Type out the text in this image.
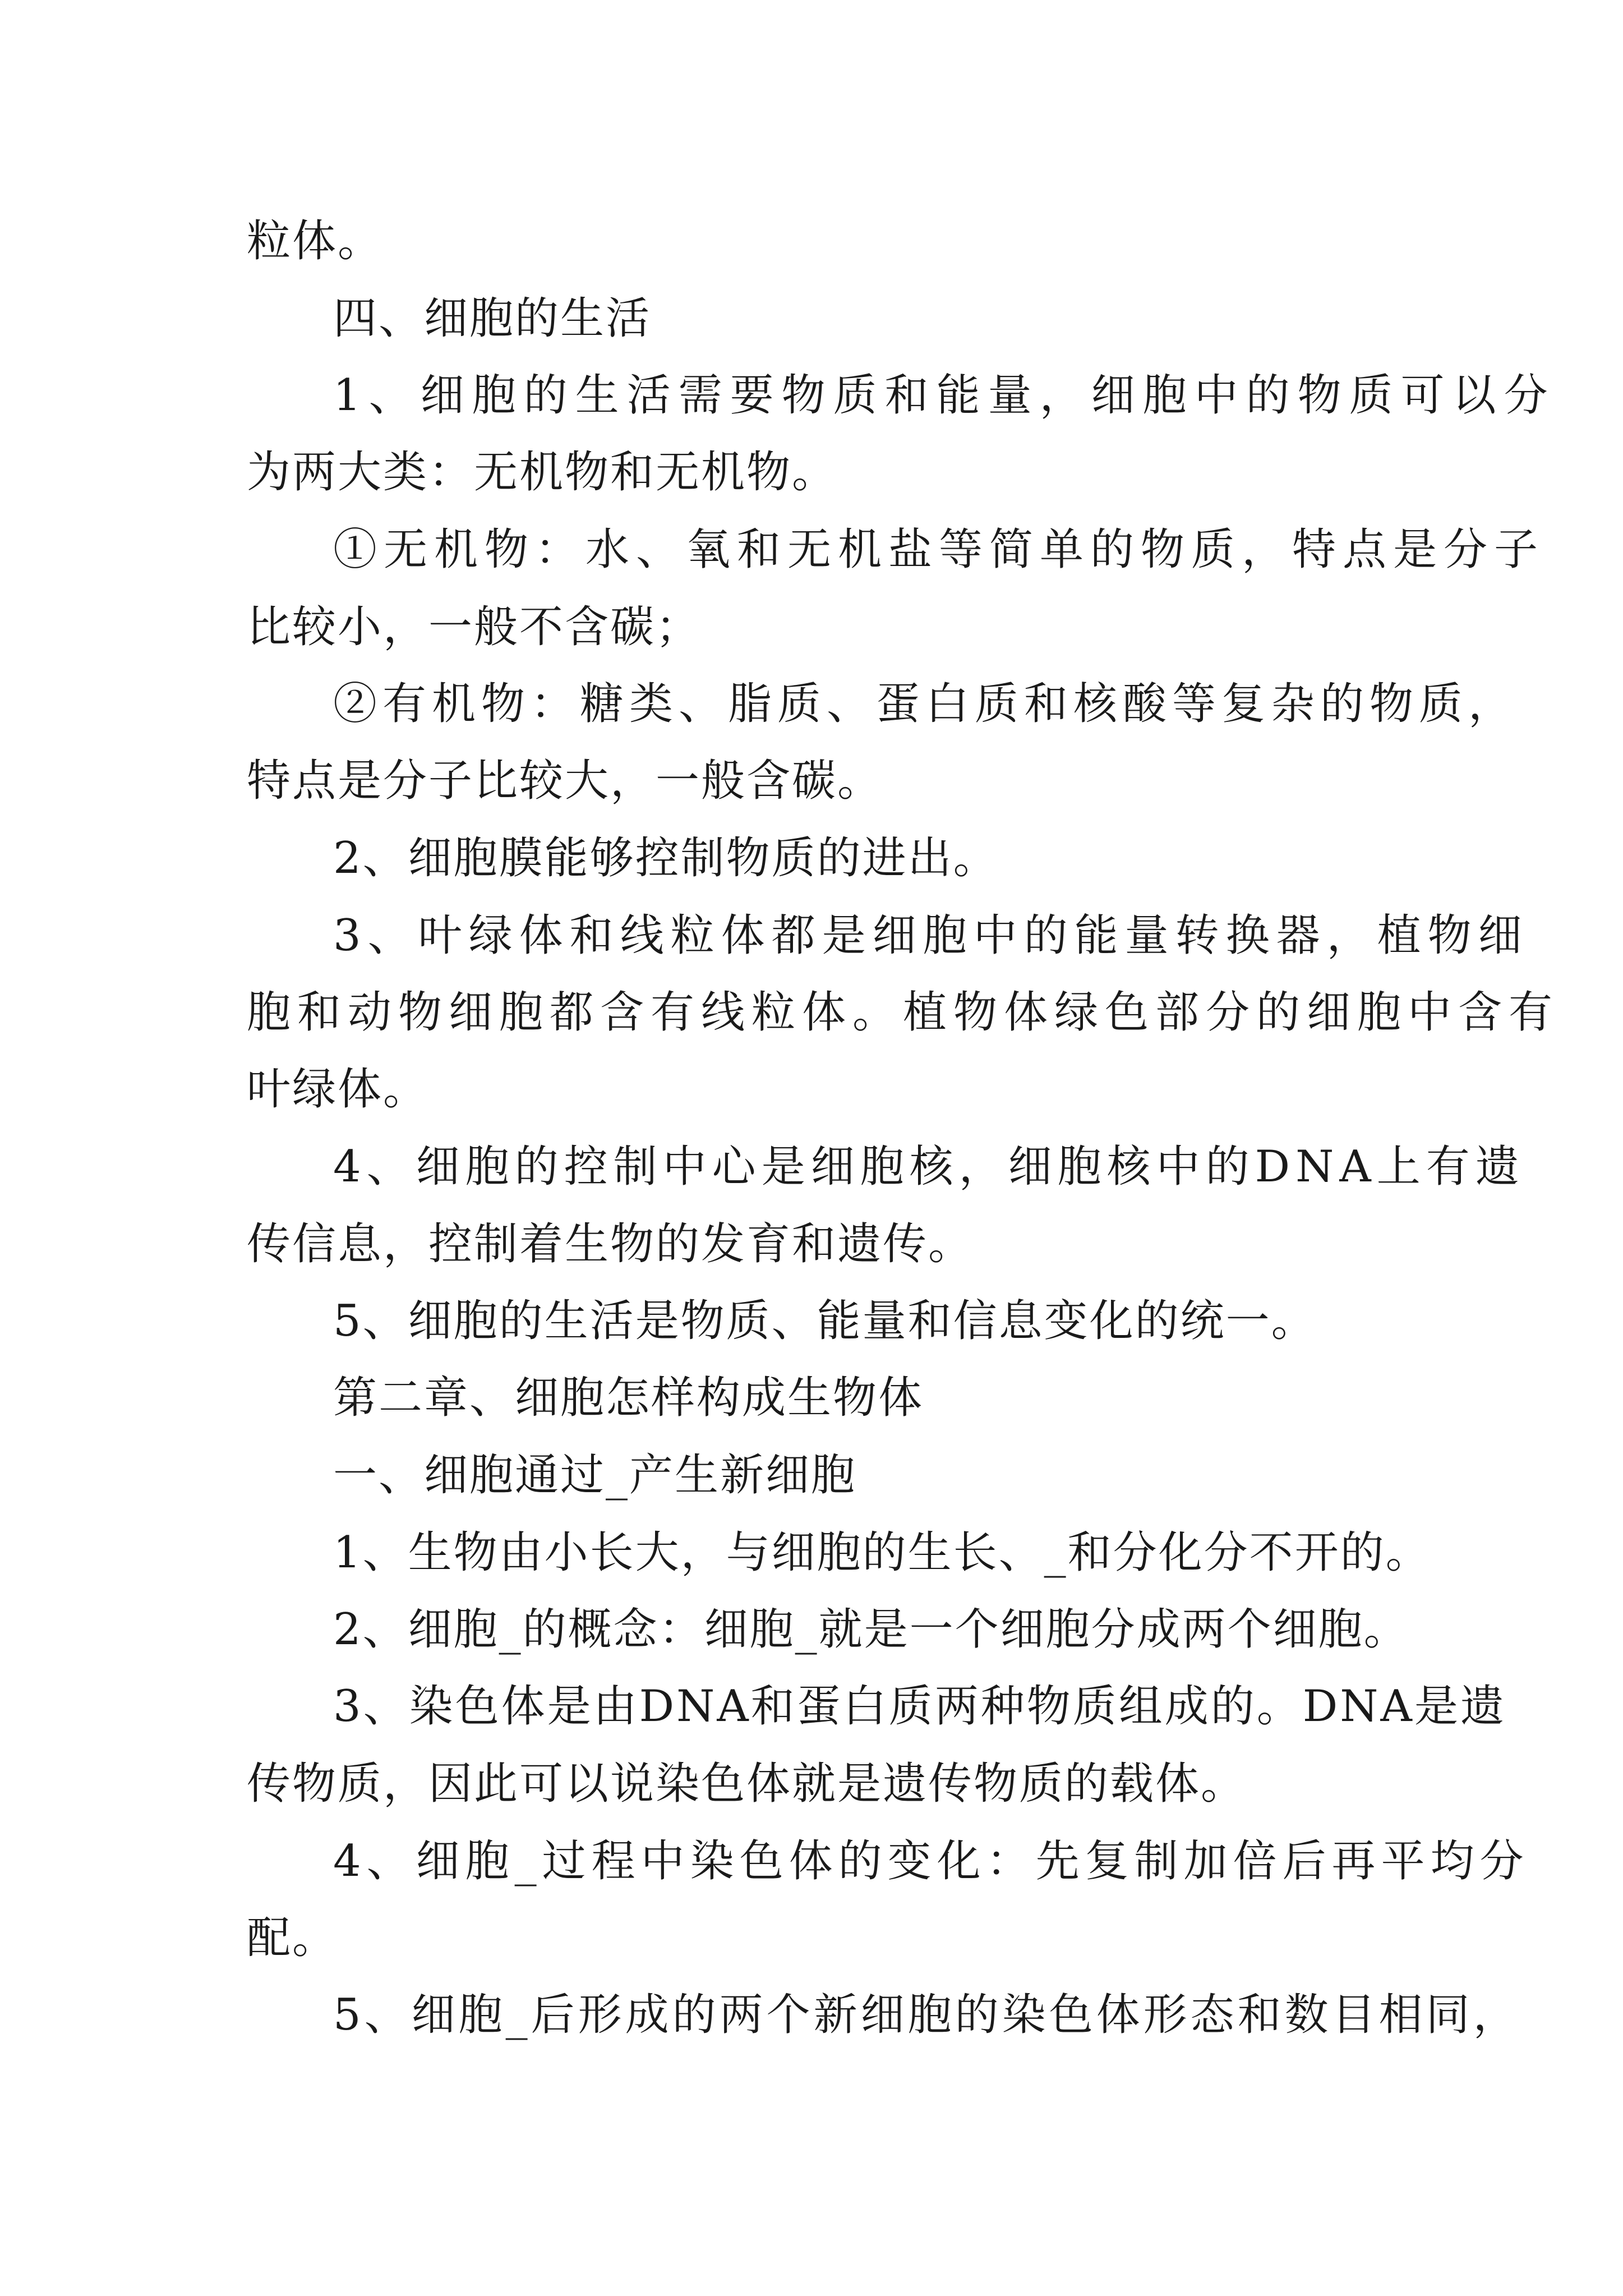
粒体。

四、细胞的生活

1、细胞的生活需要物质和能量，细胞中的物质可以分

为两大类：无机物和无机物。

①无机物：水、氧和无机盐等简单的物质，特点是分子

比较小，一般不含碳；

②有机物：糖类、脂质、蛋白质和核酸等复杂的物质，

特点是分子比较大，一般含碳。

2、细胞膜能够控制物质的进出。

3、叶绿体和线粒体都是细胞中的能量转换器，植物细

胞和动物细胞都含有线粒体。植物体绿色部分的细胞中含有

叶绿体。

4、细胞的控制中心是细胞核，细胞核中的DNA上有遗

传信息，控制着生物的发育和遗传。

5、细胞的生活是物质、能量和信息变化的统一。

第二章、细胞怎样构成生物体

一、细胞通过_产生新细胞

1、生物由小长大，与细胞的生长、_和分化分不开的。

2、细胞_的概念：细胞_就是一个细胞分成两个细胞。

3、染色体是由DNA和蛋白质两种物质组成的。DNA是遗

传物质，因此可以说染色体就是遗传物质的载体。

4、细胞_过程中染色体的变化：先复制加倍后再平均分

配。

5、细胞_后形成的两个新细胞的染色体形态和数目相同，
